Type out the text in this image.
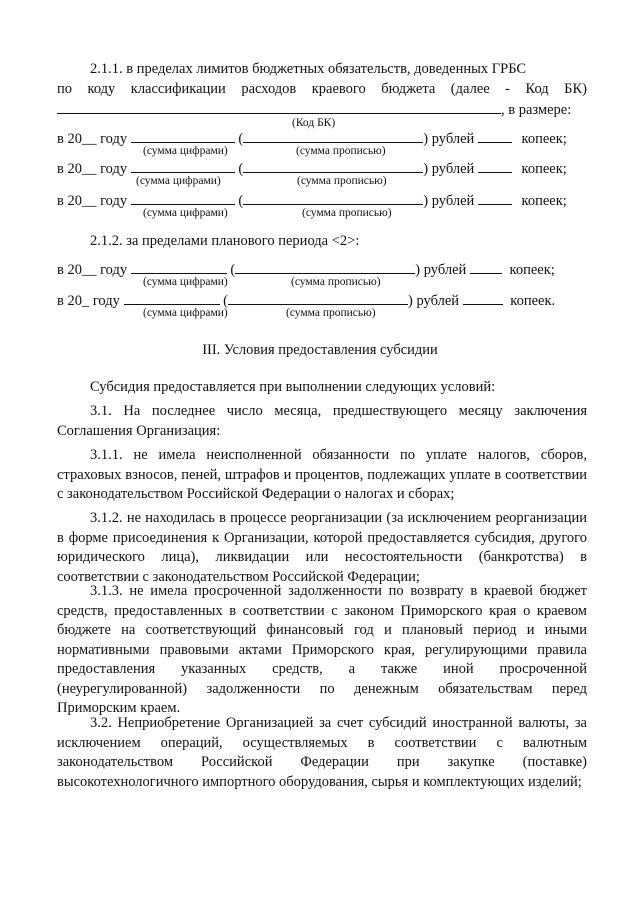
2.1.1. в пределах лимитов бюджетных обязательств, доведенных ГРБС
по коду классификации расходов краевого бюджета (далее - Код БК)
, в размере:
(Код БК)
в 20__ году	(	) рублей	копеек;
(сумма цифрами)	(сумма прописью)
в 20__ году	(	) рублей	копеек;
(сумма цифрами)	(сумма прописью)
в 20__ году	(	) рублей	копеек;
(сумма цифрами)	(сумма прописью)
2.1.2. за пределами планового периода <2>:
в 20__ году	(	) рублей	копеек;
(сумма цифрами)	(сумма прописью)
в 20_ году	(	) рублей	копеек.
(сумма цифрами)	(сумма прописью)
III. Условия предоставления субсидии

Субсидия предоставляется при выполнении следующих условий:

3.1. На последнее число месяца, предшествующего месяцу заключения Соглашения Организация:

3.1.1. не имела неисполненной обязанности по уплате налогов, сборов, страховых взносов, пеней, штрафов и процентов, подлежащих уплате в соответствии с законодательством Российской Федерации о налогах и сборах;

3.1.2. не находилась в процессе реорганизации (за исключением реорганизации в форме присоединения к Организации, которой предоставляется субсидия, другого юридического лица), ликвидации или несостоятельности (банкротства) в соответствии с законодательством Российской Федерации;

3.1.3. не имела просроченной задолженности по возврату в краевой бюджет средств, предоставленных в соответствии с законом Приморского края о краевом бюджете на соответствующий финансовый год и плановый период и иными нормативными правовыми актами Приморского края, регулирующими правила предоставления указанных средств, а также иной просроченной (неурегулированной) задолженности по денежным обязательствам перед Приморским краем.

3.2. Неприобретение Организацией за счет субсидий иностранной валюты, за исключением операций, осуществляемых в соответствии с валютным законодательством Российской Федерации при закупке (поставке) высокотехнологичного импортного оборудования, сырья и комплектующих изделий;
